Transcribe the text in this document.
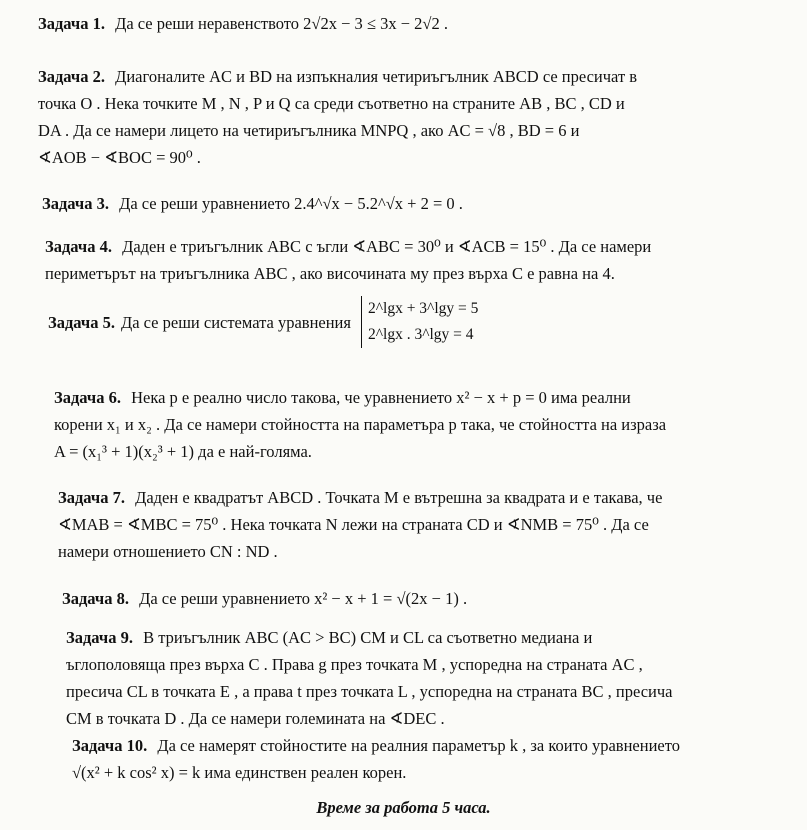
Задача 1. Да се реши неравенството 2√2x − 3 ≤ 3x − 2√2 .
Задача 2. Диагоналите AC и BD на изпъкналия четириъгълник ABCD се пресичат в
точка O . Нека точките M , N , P и Q са среди съответно на страните AB , BC , CD и
DA . Да се намери лицето на четириъгълника MNPQ , ако AC = √8 , BD = 6 и
∢AOB − ∢BOC = 90⁰ .
Задача 3. Да се реши уравнението 2.4^√x − 5.2^√x + 2 = 0 .
Задача 4. Даден е триъгълник ABC с ъгли ∢ABC = 30⁰ и ∢ACB = 15⁰ . Да се намери
периметърът на триъгълника ABC , ако височината му през върха C е равна на 4.
Задача 5. Да се реши системата уравнения
2^lgx + 3^lgy = 5
2^lgx . 3^lgy = 4
Задача 6. Нека p е реално число такова, че уравнението x² − x + p = 0 има реални
корени x₁ и x₂ . Да се намери стойността на параметъра p така, че стойността на израза
A = (x₁³ + 1)(x₂³ + 1) да е най-голяма.
Задача 7. Даден е квадратът ABCD . Точката M е вътрешна за квадрата и е такава, че
∢MAB = ∢MBC = 75⁰ . Нека точката N лежи на страната CD и ∢NMB = 75⁰ . Да се
намери отношението CN : ND .
Задача 8. Да се реши уравнението x² − x + 1 = √(2x − 1) .
Задача 9. В триъгълник ABC (AC > BC) CM и CL са съответно медиана и
ъглополовяща през върха C . Права g през точката M , успоредна на страната AC ,
пресича CL в точката E , а права t през точката L , успоредна на страната BC , пресича
CM в точката D . Да се намери големината на ∢DEC .
Задача 10. Да се намерят стойностите на реалния параметър k , за които уравнението
√(x² + k cos² x) = k има единствен реален корен.
Време за работа 5 часа.
